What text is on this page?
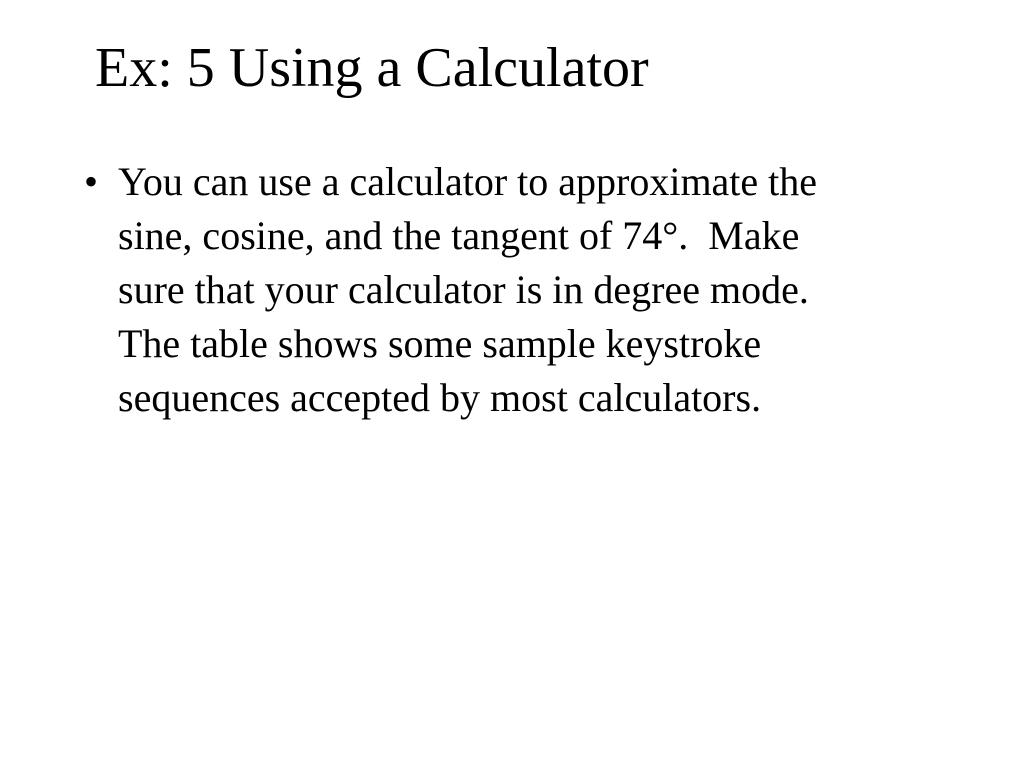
Ex: 5 Using a Calculator
• You can use a calculator to approximate the
sine, cosine, and the tangent of 74°.  Make
sure that your calculator is in degree mode.
The table shows some sample keystroke
sequences accepted by most calculators.
